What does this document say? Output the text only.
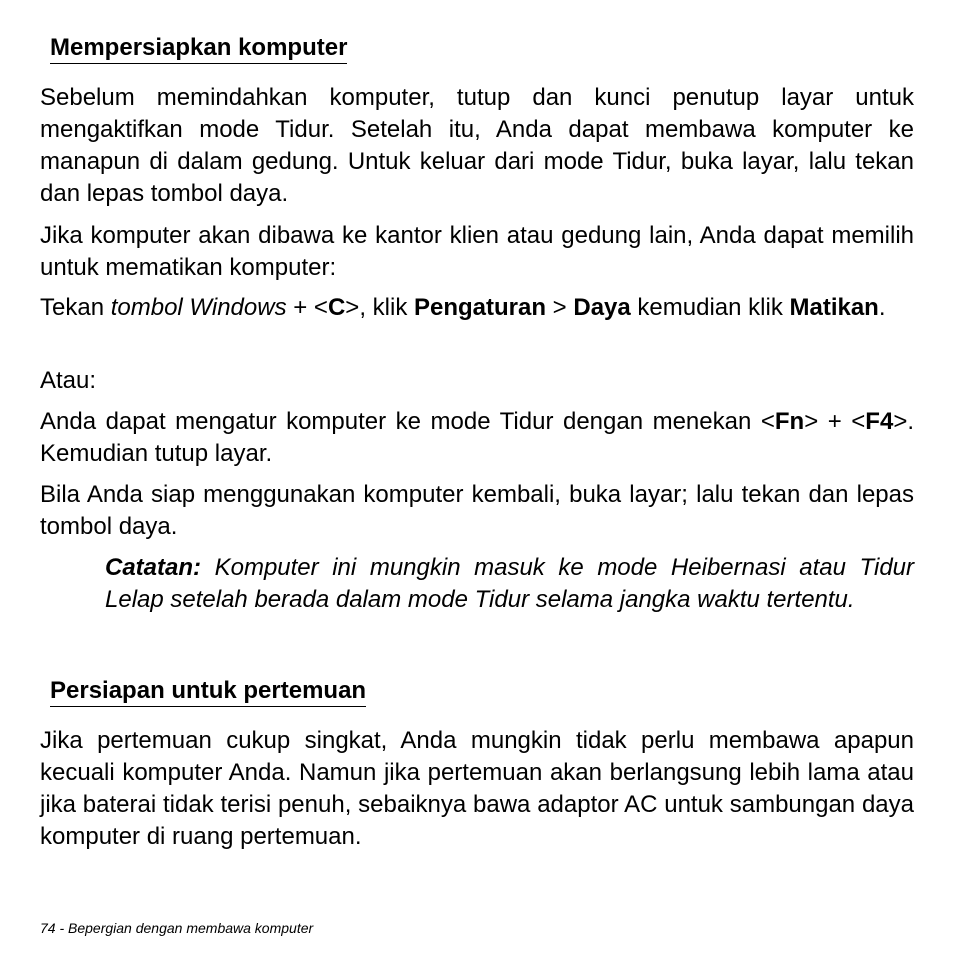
Mempersiapkan komputer

Sebelum memindahkan komputer, tutup dan kunci penutup layar untuk mengaktifkan mode Tidur. Setelah itu, Anda dapat membawa komputer ke manapun di dalam gedung. Untuk keluar dari mode Tidur, buka layar, lalu tekan dan lepas tombol daya.

Jika komputer akan dibawa ke kantor klien atau gedung lain, Anda dapat memilih untuk mematikan komputer:

Tekan tombol Windows + <C>, klik Pengaturan > Daya kemudian klik Matikan.

Atau:

Anda dapat mengatur komputer ke mode Tidur dengan menekan <Fn> + <F4>. Kemudian tutup layar.

Bila Anda siap menggunakan komputer kembali, buka layar; lalu tekan dan lepas tombol daya.

Catatan: Komputer ini mungkin masuk ke mode Heibernasi atau Tidur Lelap setelah berada dalam mode Tidur selama jangka waktu tertentu.

Persiapan untuk pertemuan

Jika pertemuan cukup singkat, Anda mungkin tidak perlu membawa apapun kecuali komputer Anda. Namun jika pertemuan akan berlangsung lebih lama atau jika baterai tidak terisi penuh, sebaiknya bawa adaptor AC untuk sambungan daya komputer di ruang pertemuan.

74 - Bepergian dengan membawa komputer
